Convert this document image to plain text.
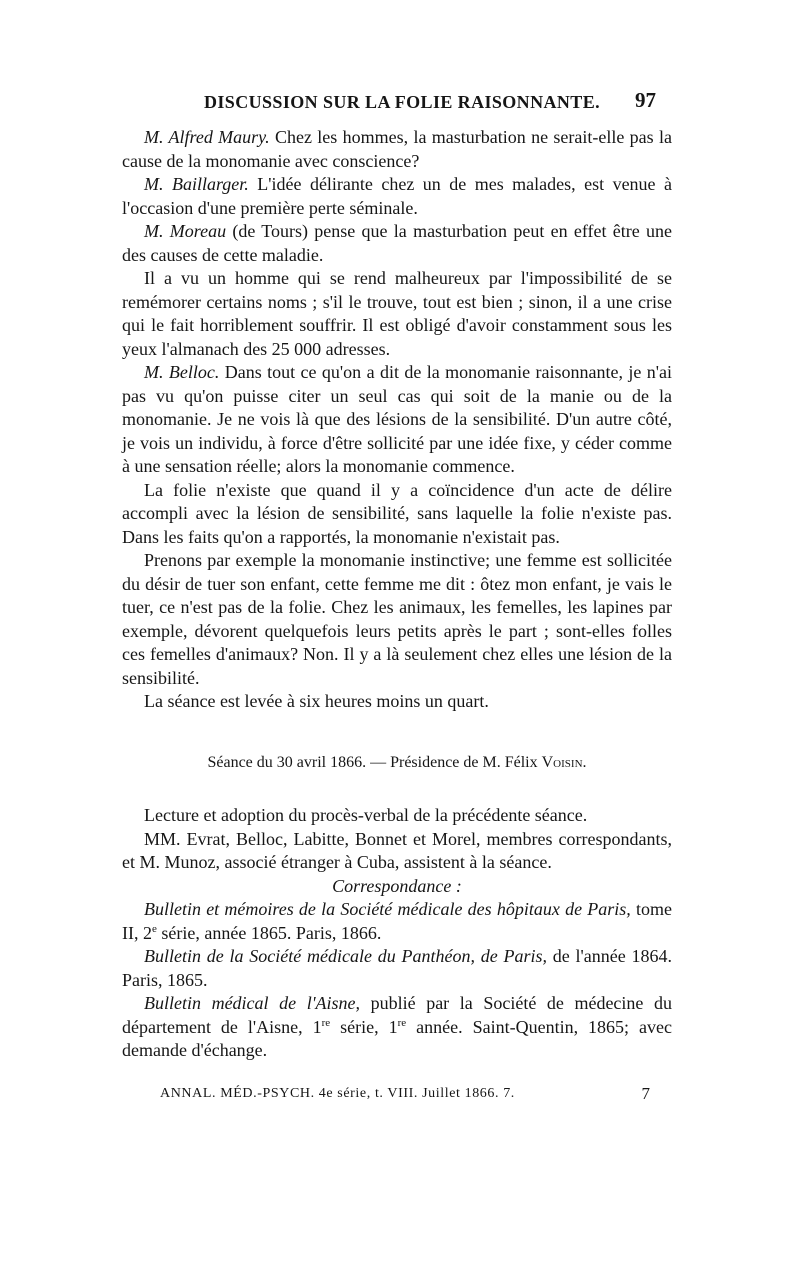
DISCUSSION SUR LA FOLIE RAISONNANTE. 97

M. Alfred Maury. Chez les hommes, la masturbation ne serait-elle pas la cause de la monomanie avec conscience?

M. Baillarger. L'idée délirante chez un de mes malades, est venue à l'occasion d'une première perte séminale.

M. Moreau (de Tours) pense que la masturbation peut en effet être une des causes de cette maladie.

Il a vu un homme qui se rend malheureux par l'impossibilité de se remémorer certains noms ; s'il le trouve, tout est bien ; sinon, il a une crise qui le fait horriblement souffrir. Il est obligé d'avoir constamment sous les yeux l'almanach des 25 000 adresses.

M. Belloc. Dans tout ce qu'on a dit de la monomanie raisonnante, je n'ai pas vu qu'on puisse citer un seul cas qui soit de la manie ou de la monomanie. Je ne vois là que des lésions de la sensibilité. D'un autre côté, je vois un individu, à force d'être sollicité par une idée fixe, y céder comme à une sensation réelle; alors la monomanie commence.

La folie n'existe que quand il y a coïncidence d'un acte de délire accompli avec la lésion de sensibilité, sans laquelle la folie n'existe pas. Dans les faits qu'on a rapportés, la monomanie n'existait pas.

Prenons par exemple la monomanie instinctive; une femme est sollicitée du désir de tuer son enfant, cette femme me dit : ôtez mon enfant, je vais le tuer, ce n'est pas de la folie. Chez les animaux, les femelles, les lapines par exemple, dévorent quelquefois leurs petits après le part ; sont-elles folles ces femelles d'animaux? Non. Il y a là seulement chez elles une lésion de la sensibilité.

La séance est levée à six heures moins un quart.

Séance du 30 avril 1866. — Présidence de M. Félix Voisin.

Lecture et adoption du procès-verbal de la précédente séance.

MM. Evrat, Belloc, Labitte, Bonnet et Morel, membres correspondants, et M. Munoz, associé étranger à Cuba, assistent à la séance.

Correspondance :

Bulletin et mémoires de la Société médicale des hôpitaux de Paris, tome II, 2e série, année 1865. Paris, 1866.

Bulletin de la Société médicale du Panthéon, de Paris, de l'année 1864. Paris, 1865.

Bulletin médical de l'Aisne, publié par la Société de médecine du département de l'Aisne, 1re série, 1re année. Saint-Quentin, 1865; avec demande d'échange.

ANNAL. MÉD.-PSYCH. 4e série, t. VIII. Juillet 1866. 7.	7
